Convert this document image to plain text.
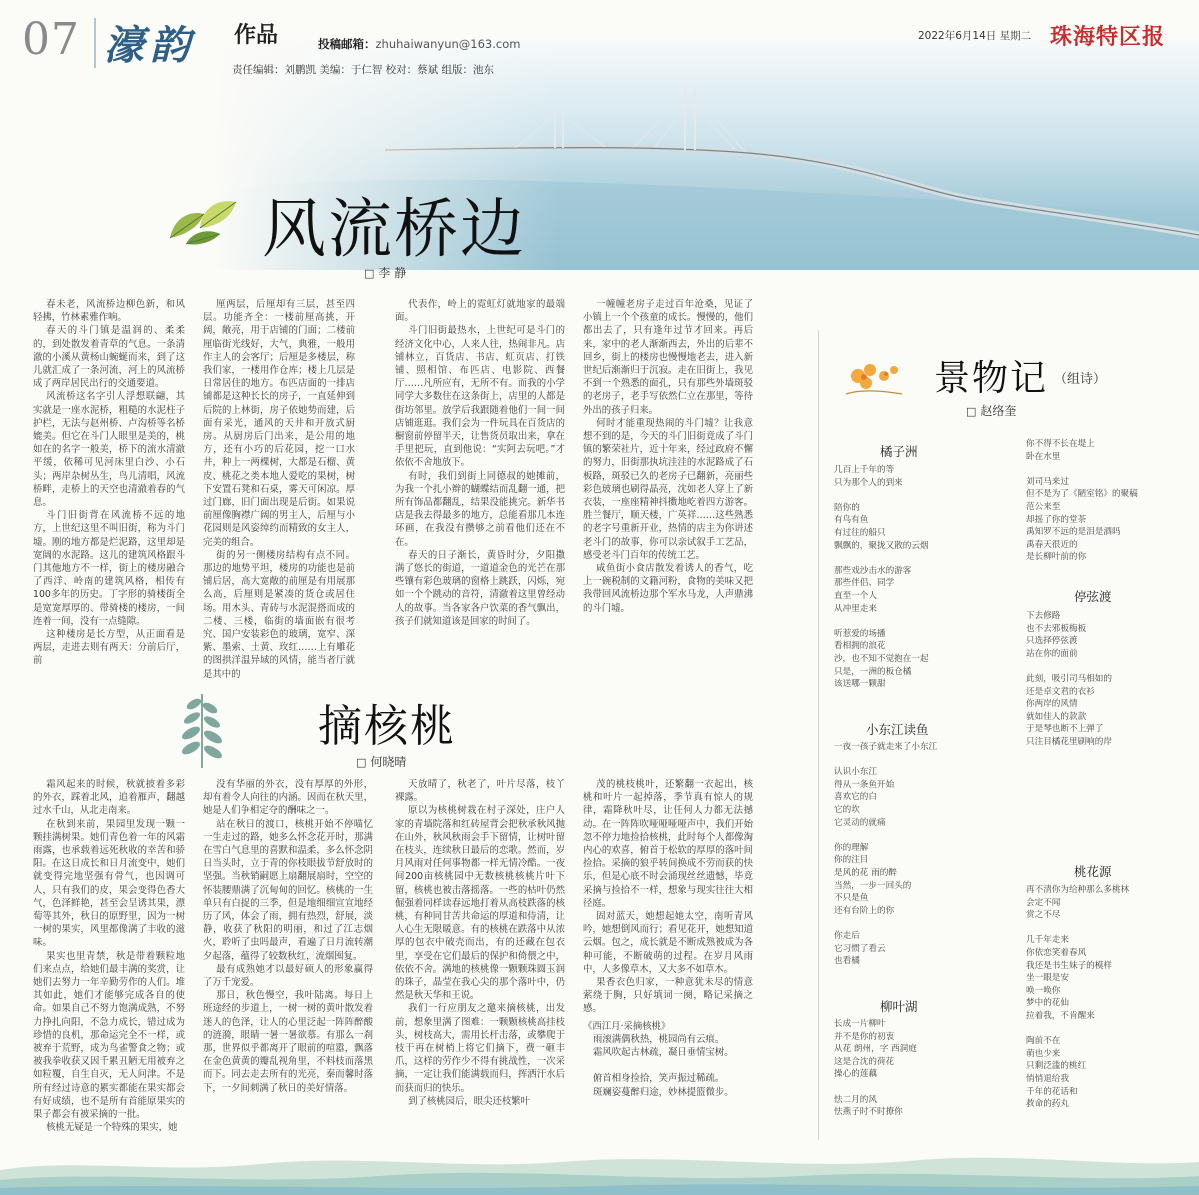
07 濠韵 作品	投稿邮箱：zhuhaiwanyun@163.com
责任编辑：刘鹏凯 美编：于仁智 校对：蔡斌 组版：池东
2022年6月14日 星期二 珠海特区报
风流桥边
□ 李 静

春未老，风流桥边柳色新，和风轻拂，竹林素雅作响。

春天的斗门镇是温润的、柔柔的，到处散发着青草的气息。一条清澈的小溪从黄杨山蜿蜒而来，到了这儿就汇成了一条河流，河上的风流桥成了两岸居民出行的交通要道。

风流桥这名字引人浮想联翩，其实就是一座水泥桥，粗糙的水泥柱子护栏，无法与赵州桥、卢沟桥等名桥媲美。但它在斗门人眼里是美的，桃如在的名字一般美，桥下的流水清澈平缓，依稀可见河床里白沙、小石头；两岸杂树丛生，鸟儿清唱，风流桥畔，走桥上的天空也清澈着春的气息。

斗门旧街背在风流桥不远的地方，上世纪这里不叫旧街，称为斗门墟。刚的地方都是烂泥路，这里却是宽阔的水泥路。这儿的建筑风格跟斗门其他地方不一样，街上的楼房融合了西洋、岭南的建筑风格，相传有100多年的历史。丁字形的骑楼街全是宽宽厚厚的、带骑楼的楼房，一间连着一间，没有一点缝隙。

这种楼房是长方型，从正面看是两层，走进去则有两天：分前后厅，前

厘两层，后厘却有三层，甚至四层。功能齐全：一楼前厘高挑，开阔，敞亮，用于店铺的门面；二楼前厘临街光线好，大气，典雅，一般用作主人的会客厅；后厘是多楼层，称我们家，一楼用作仓库；楼上几层是日常居住的地方。布匹店面的一排店铺都是这种长长的房子，一直延伸到后院的上林街，房子依她势而建，后面有采光，通风的天井和开放式厨房。从厨房后门出来，是公用的地方，还有小巧的后花园，挖一口水井，种上一两棵树，大都是石榴、黄皮、桃花之类本地人爱吃的果树，树下安置石凳和石桌，雾天可闲凉。厚过门廊，旧门面出现是后街。如果说前厘像胸襟广阔的男主人，后厘与小花园则是风姿绰约而精致的女主人，完美的组合。

街的另一侧楼房结构有点不同。那边的地势平坦，楼房的功能也是前铺后居，高大宽敞的前厘是有用展那么高，后厘则是紧凑的货仓或居住场。用木头、青砖与水泥混搭而成的二楼、三楼，临街的墙面嵌有很考究、国户安装彩色的玻璃，宽窄、深紫、墨索、土黄、玫红……上有雕花的图拱洋温异域的风情，能当者厅就是其中的

代表作，岭上的霓虹灯就地家的最端面。

斗门旧街最热水，上世纪可是斗门的经济文化中心，人来人往，热闹非凡。店铺林立，百货店、书店、虹页店、打铁铺、照相馆、布匹店、电影院、西餐厅……凡所应有，无所不有。而我的小学同学大多数住在这条街上，店里的人都是街坊邻里。放学后我跟随着他们一间一间店铺逛逛。我们会为一件玩具在百货店的橱窗前停留半天，让售货员取出来，拿在手里把玩，直到他说：“实阿去玩吧。”才依依不舍地放下。

有时，我们到街上同德叔的她摊前，为我一个扎小辫的蝴蝶结而乱翻一通，把所有饰品都翻乱，结果没能挑完。新华书店是我去得最多的地方，总能看那几本连环画，在我没有攒够之前看他们还在不在。

春天的日子渐长，黄昏时分，夕阳撒满了悠长的街道，一道道金色的光芒在那些镶有彩色玻璃的窗格上跳跃，闪烁，宛如一个个跳动的音符，清澈着这里曾经动人的故事。当各家各户饮菜的香气飘出，孩子们就知道该是回家的时间了。

一幢幢老房子走过百年沧桑，见证了小镇上一个个孩童的成长。慢慢的，他们都出去了，只有逢年过节才回来。再后来，家中的老人渐渐西去，外出的后辈不回乡，街上的楼房也慢慢地老去，进入新世纪后渐渐归于沉寂。走在旧街上，我见不到一个熟悉的面孔，只有那些外墙斑驳的老房子，老手写依然仁立在那里，等待外出的孩子归来。

何时才能重现热闹的斗门墟？让我意想不到的是，今天的斗门旧街竟成了斗门镇的繁荣社片，近十年来，经过政府不懈的努力，旧街那执坑洼洼的水泥路成了石板路，斑驳已久的老房子已翻新，亮丽些彩色玻璃也刷得晶亮，沈如老人穿上了新衣装，一座座精神抖擞地屹着四方游客。胜兰餐厅，顺天楼，广英祥……这些熟悉的老字号重新开业，热情的店主为你讲述老斗门的故事，你可以亲试叙手工艺品，感受老斗门百年的传统工艺。

咸鱼街小食店散发着诱人的香气，吃上一碗税制的文籍河粉，食物的美味又把我带回风流桥边那个军水马龙，人声鼎沸的斗门墟。

摘核桃
□ 何晓晴

霜风起来的时候，秋就披着多彩的外衣，踩着北风，追着雁声，翻越过水千山，从北走南来。

在秋到来前，果园里发现一颗一颗挂满树果。她们青色着一年的风霜雨露，也承载着远死秋收的幸苦和骄阳。在这日成长和日月流变中，她们就变得完地坚强有骨气，也因调可人，只有我们的皮，果会变得色香大气，色泽鲜艳，甚至会呈诱其果，漂萄等其外，秋日的原野里，因为一树一树的果实，风里都像满了丰收的滋味。

果实也里青禁，秋是带着颗粒地们来点点，给她们最丰满的奖赏，让她们去努力一年辛勤劳作的人们。堆其如此，她们才能够完成各自的使命。如果自己不努力饱满成熟，不努力挣扎向阳，不急力成长，错过成为珍惜的良机，那命运完全不一样，或被弃于荒野，成为鸟雀警食之物；或被我拳收获又因千累丑陋无用被弃之如粒覆，自生自灭，无人问津。不是所有经过诗意的累实都能在果实都会有好成绩，也不是所有首能原果实的果子都会有被采摘的一批。

核桃无疑是一个特殊的果实，她

没有华丽的外衣，没有厚厚的外形，却有着令人向往的内涵。因而在秋天里，她是人们争相定夺的酬味之一。

站在秋日的渡口，核桃开始不停喵忆一生走过的路，她多么怀念花开时，那满在雪白气息里的喜默和温柔，多么怀念阴日当头时，立于青的你枝眼拔节舒放时的坚强。当秋销嗣愿上扇翻展扇时，空空的怀装腰鼎满了沉甸甸的回忆。核桃的一生单只有白捉的三季，但是地细细宣宣地经历了风，体会了雨，拥有热烈，舒展，淡静，收获了秋阳的明丽，和过了江志烟火，聆听了虫吗最声，看遍了日月流转潮夕起落，蕴得了较数秋红，流烟囤复。

最有成熟她才以最好硕人的形象赢得了万千宠爱。

那日，秋色慢空，我叶陆离。每日上班途经的步道上，一树一树的黄叶散发着迷人的色泽，让人的心里泛起一阵阵醉酸的涟漪，眼睛一暑一暑欲慕。有那么一刹那，世界似乎都离开了眼前的喧嚣，飘落在金色黄黄的瓣乱视角里，不料枝而落黑而下。同去走去所有的光亮，秦而馨时落下，一夕间刺满了秋日的美好情落。

天放晴了，秋老了，叶片尽落，枝丫裸露。

原以为核桃树栽在村子深处，庄户人家的青墙院落和红砖屋背会把秋承秋风抛在山外，秋风秋雨会手下留情，让树叶留在枝头，连续秋日最后的恋歌。然而，岁月风雨对任何事物都一样无情冷酷。一夜间200亩核桃园中无数核桃核桃片叶下留，核桃也被击落摇落。一些的枯叶仍然倔强着同样读春远地打着从高枝跌落的核桃，有种同甘苦共命运的厚道和侍清，让人心生无限暖意。有的核桃在跌落中从浓厚的包衣中破壳而出，有的还藏在包衣里，享受在它们最后的保护和倚偎之中，依依不舍。满地的核桃像一颗颗珠圆玉润的珠子，晶莹在我心尖的那个落叶中，仍然是秋天华和王说。

我们一行应朋友之邀来摘核桃，出发前，想象里满了图难：一颗颗核桃高挂枝头，树枝高大，需用长杆击落，或攀爬于枝干再在树梢上将它们摘下，费一砸丰爪，这样的劳作少不得有挑战性，一次采摘，一定让我们能满载而归，挥洒汗水后而获而归的快乐。

到了核桃园后，眼尖还枝繁叶

茂的桃枝桃叶，还繁翻一衣起出，核桃和叶片一起掉落，季节真有惊人的规律，霜降秋叶尽，让任何人力都无法撼动。在一阵阵吹哑哑哑哑声中，我们开始忽不停力地捡拾核桃，此时每个人都像淘内心的欢喜，俯首于松软的厚厚的落叶间捡拾。采摘的狼乎转间换成不劳而获的快乐，但是心底不时会涌现丝丝遗憾，毕竟采摘与捡拾不一样，想象与现实往往大相径庭。

固对蓝天，她想起她太空，南听青风吟，她想倒风而行；看见花开，她想知道云烟。包之，成长就是不断成熟被成为各种可能，不断破萌的过程。在岁月风雨中，人多像草木，又大多不如草木。

果香衣色归家，一种意犹未尽的情意萦绕于胸，只好填词一阕，略记采摘之感。

《西江月·采摘核桃》
雨滚满偶秋热，桃园尚有云痕。
霜风吹起古林疏，凝日垂情宝树。

俯首相身捡拾，笑声振过稀疏。
斑斓姿蔓醉归途，妙林提篮微步。
景物记 （组诗）
□ 赵络奎
橘子洲
几百上千年的等
只为那个人的到来

陪你的
有鸟有鱼
有过往的船只
飘飘的，聚拢又散的云烟

那些戏沙击水的游客
那些伴侣、同学
直至一个人
从冲里走来

听惹爱的场播
看相拥的浪花
沙，也不知不觉抱在一起
只是，一洲的板仓橘
该送哪一颗甜
小东江读鱼
一夜一孩子就走来了小东江

认识小东江
得从一条鱼开始
喜欢它的白
它的坎
它灵动的就痛

你的理解
你的注目
是风的花 雨的醉
当然，一步一回头的
不只是鱼
还有台阶上的你

你走后
它习惯了看云
也看橘
柳叶湖
长成一片柳叶
并不是你的初衷
从花 朗州，字 西洞庭
这是合沈的荷花
操心的莲藕

怯二月的风
怯燕子时不时撩你
你不得不长在堤上
卧在水里

刘司马来过
但不是为了《陋室铭》的聚稿
范公来至
却摇了你的堂荼
禹知罗不远的是泪是酒吗
禹春天很近的
是长柳叶前的你
停弦渡
下去修路
也不去邪板梅板
只选择停弦渡
站在你的面前

此刻，吸引司马相如的
还是卓文君的衣衫
你两岸的风情
就如佳人的款款
于是琴也断不上弹了
只注目橘花里刷响的岸
桃花源
再不清你为给种那么多桃林
会定不闻
赏之不尽

几千年走来
你依恋笑着春风
我还是书生妹子的模样
坐一眼是安
唤一唤你
梦中的花仙
拉着我，不肯醒来

陶前不在
萌也少来
只剩泛滥的桃红
悄悄退给我
千年的花话和
救命的药丸
